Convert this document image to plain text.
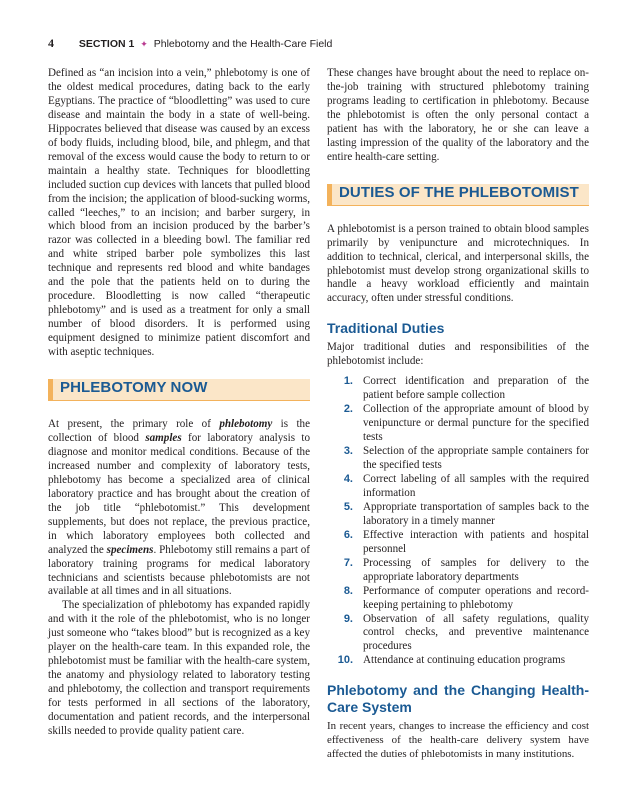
4 SECTION 1 ✦ Phlebotomy and the Health-Care Field

Defined as “an incision into a vein,” phlebotomy is one of the oldest medical procedures, dating back to the early Egyptians. The practice of “bloodletting” was used to cure disease and maintain the body in a state of well-being. Hippocrates believed that disease was caused by an excess of body fluids, including blood, bile, and phlegm, and that removal of the excess would cause the body to return to or maintain a healthy state. Techniques for bloodletting included suction cup devices with lancets that pulled blood from the incision; the application of blood-sucking worms, called “leeches,” to an incision; and barber surgery, in which blood from an incision produced by the barber’s razor was collected in a bleeding bowl. The familiar red and white striped barber pole symbolizes this last technique and represents red blood and white bandages and the pole that the patients held on to during the procedure. Bloodletting is now called “therapeutic phlebotomy” and is used as a treatment for only a small number of blood disorders. It is performed using equipment designed to minimize patient discomfort and with aseptic techniques.

PHLEBOTOMY NOW

At present, the primary role of phlebotomy is the collection of blood samples for laboratory analysis to diagnose and monitor medical conditions. Because of the increased number and complexity of laboratory tests, phlebotomy has become a specialized area of clinical laboratory practice and has brought about the creation of the job title “phlebotomist.” This development supplements, but does not replace, the previous practice, in which laboratory employees both collected and analyzed the specimens. Phlebotomy still remains a part of laboratory training programs for medical laboratory technicians and scientists because phlebotomists are not available at all times and in all situations.

The specialization of phlebotomy has expanded rapidly and with it the role of the phlebotomist, who is no longer just someone who “takes blood” but is recognized as a key player on the health-care team. In this expanded role, the phlebotomist must be familiar with the health-care system, the anatomy and physiology related to laboratory testing and phlebotomy, the collection and transport requirements for tests performed in all sections of the laboratory, documentation and patient records, and the interpersonal skills needed to provide quality patient care.

These changes have brought about the need to replace on-the-job training with structured phlebotomy training programs leading to certification in phlebotomy. Because the phlebotomist is often the only personal contact a patient has with the laboratory, he or she can leave a lasting impression of the quality of the laboratory and the entire health-care setting.

DUTIES OF THE PHLEBOTOMIST

A phlebotomist is a person trained to obtain blood samples primarily by venipuncture and microtechniques. In addition to technical, clerical, and interpersonal skills, the phlebotomist must develop strong organizational skills to handle a heavy workload efficiently and maintain accuracy, often under stressful conditions.

Traditional Duties

Major traditional duties and responsibilities of the phlebotomist include:

1. Correct identification and preparation of the patient before sample collection
2. Collection of the appropriate amount of blood by venipuncture or dermal puncture for the specified tests
3. Selection of the appropriate sample containers for the specified tests
4. Correct labeling of all samples with the required information
5. Appropriate transportation of samples back to the laboratory in a timely manner
6. Effective interaction with patients and hospital personnel
7. Processing of samples for delivery to the appropriate laboratory departments
8. Performance of computer operations and record-keeping pertaining to phlebotomy
9. Observation of all safety regulations, quality control checks, and preventive maintenance procedures
10. Attendance at continuing education programs
Phlebotomy and the Changing Health-Care System

In recent years, changes to increase the efficiency and cost effectiveness of the health-care delivery system have affected the duties of phlebotomists in many institutions.
